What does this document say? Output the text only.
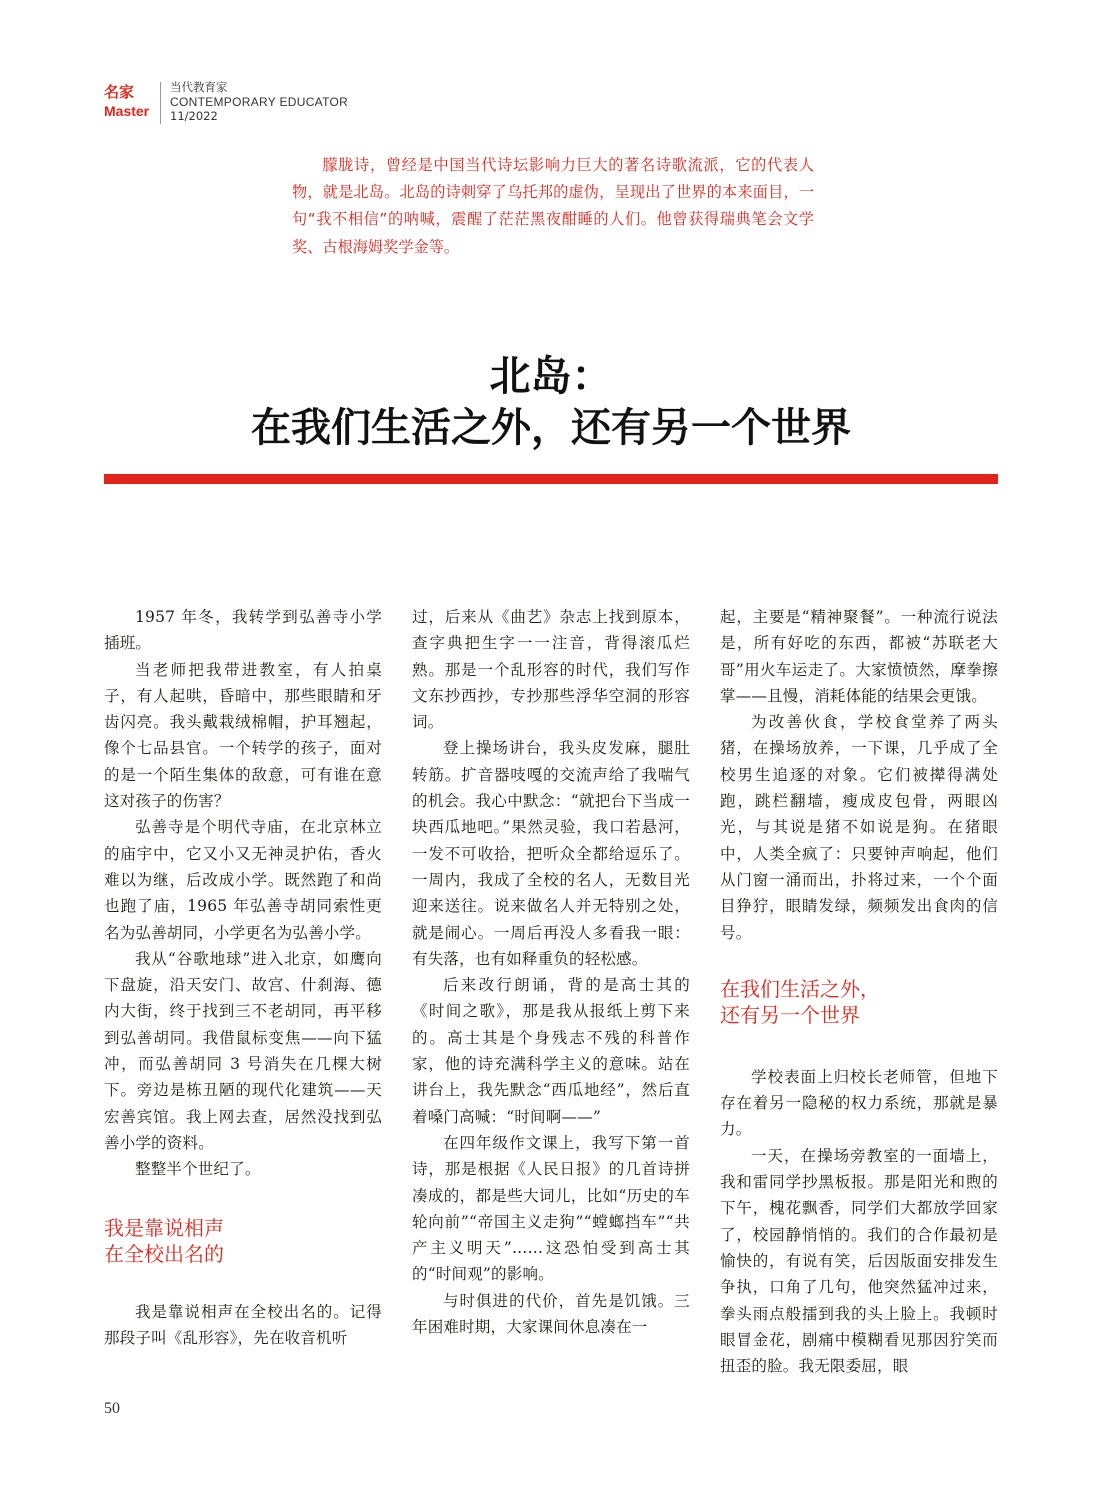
名家
Master
当代教育家
CONTEMPORARY EDUCATOR
11/2022

朦胧诗，曾经是中国当代诗坛影响力巨大的著名诗歌流派，它的代表人物，就是北岛。北岛的诗刺穿了乌托邦的虚伪，呈现出了世界的本来面目，一句“我不相信”的呐喊，震醒了茫茫黑夜酣睡的人们。他曾获得瑞典笔会文学奖、古根海姆奖学金等。

北岛：
在我们生活之外，还有另一个世界

1957 年冬，我转学到弘善寺小学插班。

当老师把我带进教室，有人拍桌子，有人起哄，昏暗中，那些眼睛和牙齿闪亮。我头戴栽绒棉帽，护耳翘起，像个七品县官。一个转学的孩子，面对的是一个陌生集体的敌意，可有谁在意这对孩子的伤害？

弘善寺是个明代寺庙，在北京林立的庙宇中，它又小又无神灵护佑，香火难以为继，后改成小学。既然跑了和尚也跑了庙，1965 年弘善寺胡同索性更名为弘善胡同，小学更名为弘善小学。

我从“谷歌地球”进入北京，如鹰向下盘旋，沿天安门、故宫、什刹海、德内大街，终于找到三不老胡同，再平移到弘善胡同。我借鼠标变焦——向下猛冲，而弘善胡同 3 号消失在几棵大树下。旁边是栋丑陋的现代化建筑——天宏善宾馆。我上网去查，居然没找到弘善小学的资料。

整整半个世纪了。

我是靠说相声
在全校出名的

我是靠说相声在全校出名的。记得那段子叫《乱形容》，先在收音机听

过，后来从《曲艺》杂志上找到原本，查字典把生字一一注音，背得滚瓜烂熟。那是一个乱形容的时代，我们写作文东抄西抄，专抄那些浮华空洞的形容词。

登上操场讲台，我头皮发麻，腿肚转筋。扩音器吱嘎的交流声给了我喘气的机会。我心中默念：“就把台下当成一块西瓜地吧。”果然灵验，我口若悬河，一发不可收拾，把听众全都给逗乐了。一周内，我成了全校的名人，无数目光迎来送往。说来做名人并无特别之处，就是闹心。一周后再没人多看我一眼：有失落，也有如释重负的轻松感。

后来改行朗诵，背的是高士其的《时间之歌》，那是我从报纸上剪下来的。高士其是个身残志不残的科普作家，他的诗充满科学主义的意味。站在讲台上，我先默念“西瓜地经”，然后直着嗓门高喊：“时间啊——”

在四年级作文课上，我写下第一首诗，那是根据《人民日报》的几首诗拼凑成的，都是些大词儿，比如“历史的车轮向前”“帝国主义走狗”“螳螂挡车”“共产主义明天”……这恐怕受到高士其的“时间观”的影响。

与时俱进的代价，首先是饥饿。三年困难时期，大家课间休息凑在一

起，主要是“精神聚餐”。一种流行说法是，所有好吃的东西，都被“苏联老大哥”用火车运走了。大家愤愤然，摩拳擦掌——且慢，消耗体能的结果会更饿。

为改善伙食，学校食堂养了两头猪，在操场放养，一下课，几乎成了全校男生追逐的对象。它们被撵得满处跑，跳栏翻墙，瘦成皮包骨，两眼凶光，与其说是猪不如说是狗。在猪眼中，人类全疯了：只要钟声响起，他们从门窗一涌而出，扑将过来，一个个面目狰狞，眼睛发绿，频频发出食肉的信号。

在我们生活之外，
还有另一个世界

学校表面上归校长老师管，但地下存在着另一隐秘的权力系统，那就是暴力。

一天，在操场旁教室的一面墙上，我和雷同学抄黑板报。那是阳光和煦的下午，槐花飘香，同学们大都放学回家了，校园静悄悄的。我们的合作最初是愉快的，有说有笑，后因版面安排发生争执，口角了几句，他突然猛冲过来，拳头雨点般擂到我的头上脸上。我顿时眼冒金花，剧痛中模糊看见那因狞笑而扭歪的脸。我无限委屈，眼

50
